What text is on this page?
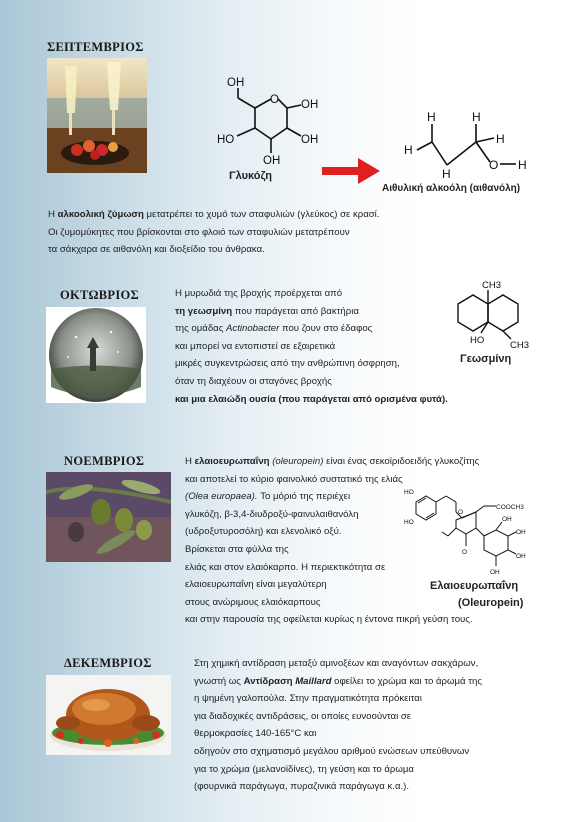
ΣΕΠΤΕΜΒΡΙΟΣ
OH
O OH
OH
HO
OH
Γλυκόζη
H	H
H
H
H
O H
Αιθυλική αλκοόλη (αιθανόλη)
Η αλκοολική ζύμωση μετατρέπει το χυμό των σταφυλιών (γλεύκος) σε κρασί.
Οι ζυμομύκητες που βρίσκονται στο φλοιό των σταφυλιών μετατρέπουν
τα σάκχαρα σε αιθανόλη και διοξείδιο του άνθρακα.
ΟΚΤΩΒΡΙΟΣ	Η μυρωδιά της βροχής προέρχεται από
τη γεωσμίνη που παράγεται από βακτήρια
της ομάδας Actinobacter που ζουν στο έδαφος
και μπορεί να εντοπιστεί σε εξαιρετικά
μικρές συγκεντρώσεις από την ανθρώπινη όσφρηση,
όταν τη διαχέουν οι σταγόνες βροχής
και μια ελαιώδη ουσία (που παράγεται από ορισμένα φυτά).
CH3
HO	CH3
Γεωσμίνη
ΝΟΕΜΒΡΙΟΣ	Η ελαιοευρωπαΐνη (oleuropein) είναι ένας σεκοϊριδοειδής γλυκοζίτης
και αποτελεί το κύριο φαινολικό συστατικό της ελιάς
(Olea europaea). Το μόριό της περιέχει
γλυκόζη, β-3,4-διυδροξύ-φαινυλαιθανόλη
(υδροξυτυροσόλη) και ελενολικό οξύ.
Βρίσκεται στα φύλλα της
ελιάς και στον ελαιόκαρπο. Η περιεκτικότητα σε
ελαιοευρωπαΐνη είναι μεγαλύτερη
στους ανώριμους ελαιόκαρπους
και στην παρουσία της οφείλεται κυρίως η έντονα πικρή γεύση τους.
HO
HO
COOCH3
O
OH
OH
OH
OH
O
Ελαιοευρωπαΐνη
(Oleuropein)
ΔΕΚΕΜΒΡΙΟΣ	Στη χημική αντίδραση μεταξύ αμινοξέων και αναγόντων σακχάρων,
γνωστή ως Αντίδραση Maillard οφείλει το χρώμα και το άρωμά της
η ψημένη γαλοπούλα. Στην πραγματικότητα πρόκειται
για διαδοχικές αντιδράσεις, οι οποίες ευνοούνται σε
θερμοκρασίες 140-165°C και
οδηγούν στο σχηματισμό μεγάλου αριθμού ενώσεων υπεύθυνων
για το χρώμα (μελανοϊδίνες), τη γεύση και το άρωμα
(φουρνικά παράγωγα, πυραζινικά παράγωγα κ.α.).
